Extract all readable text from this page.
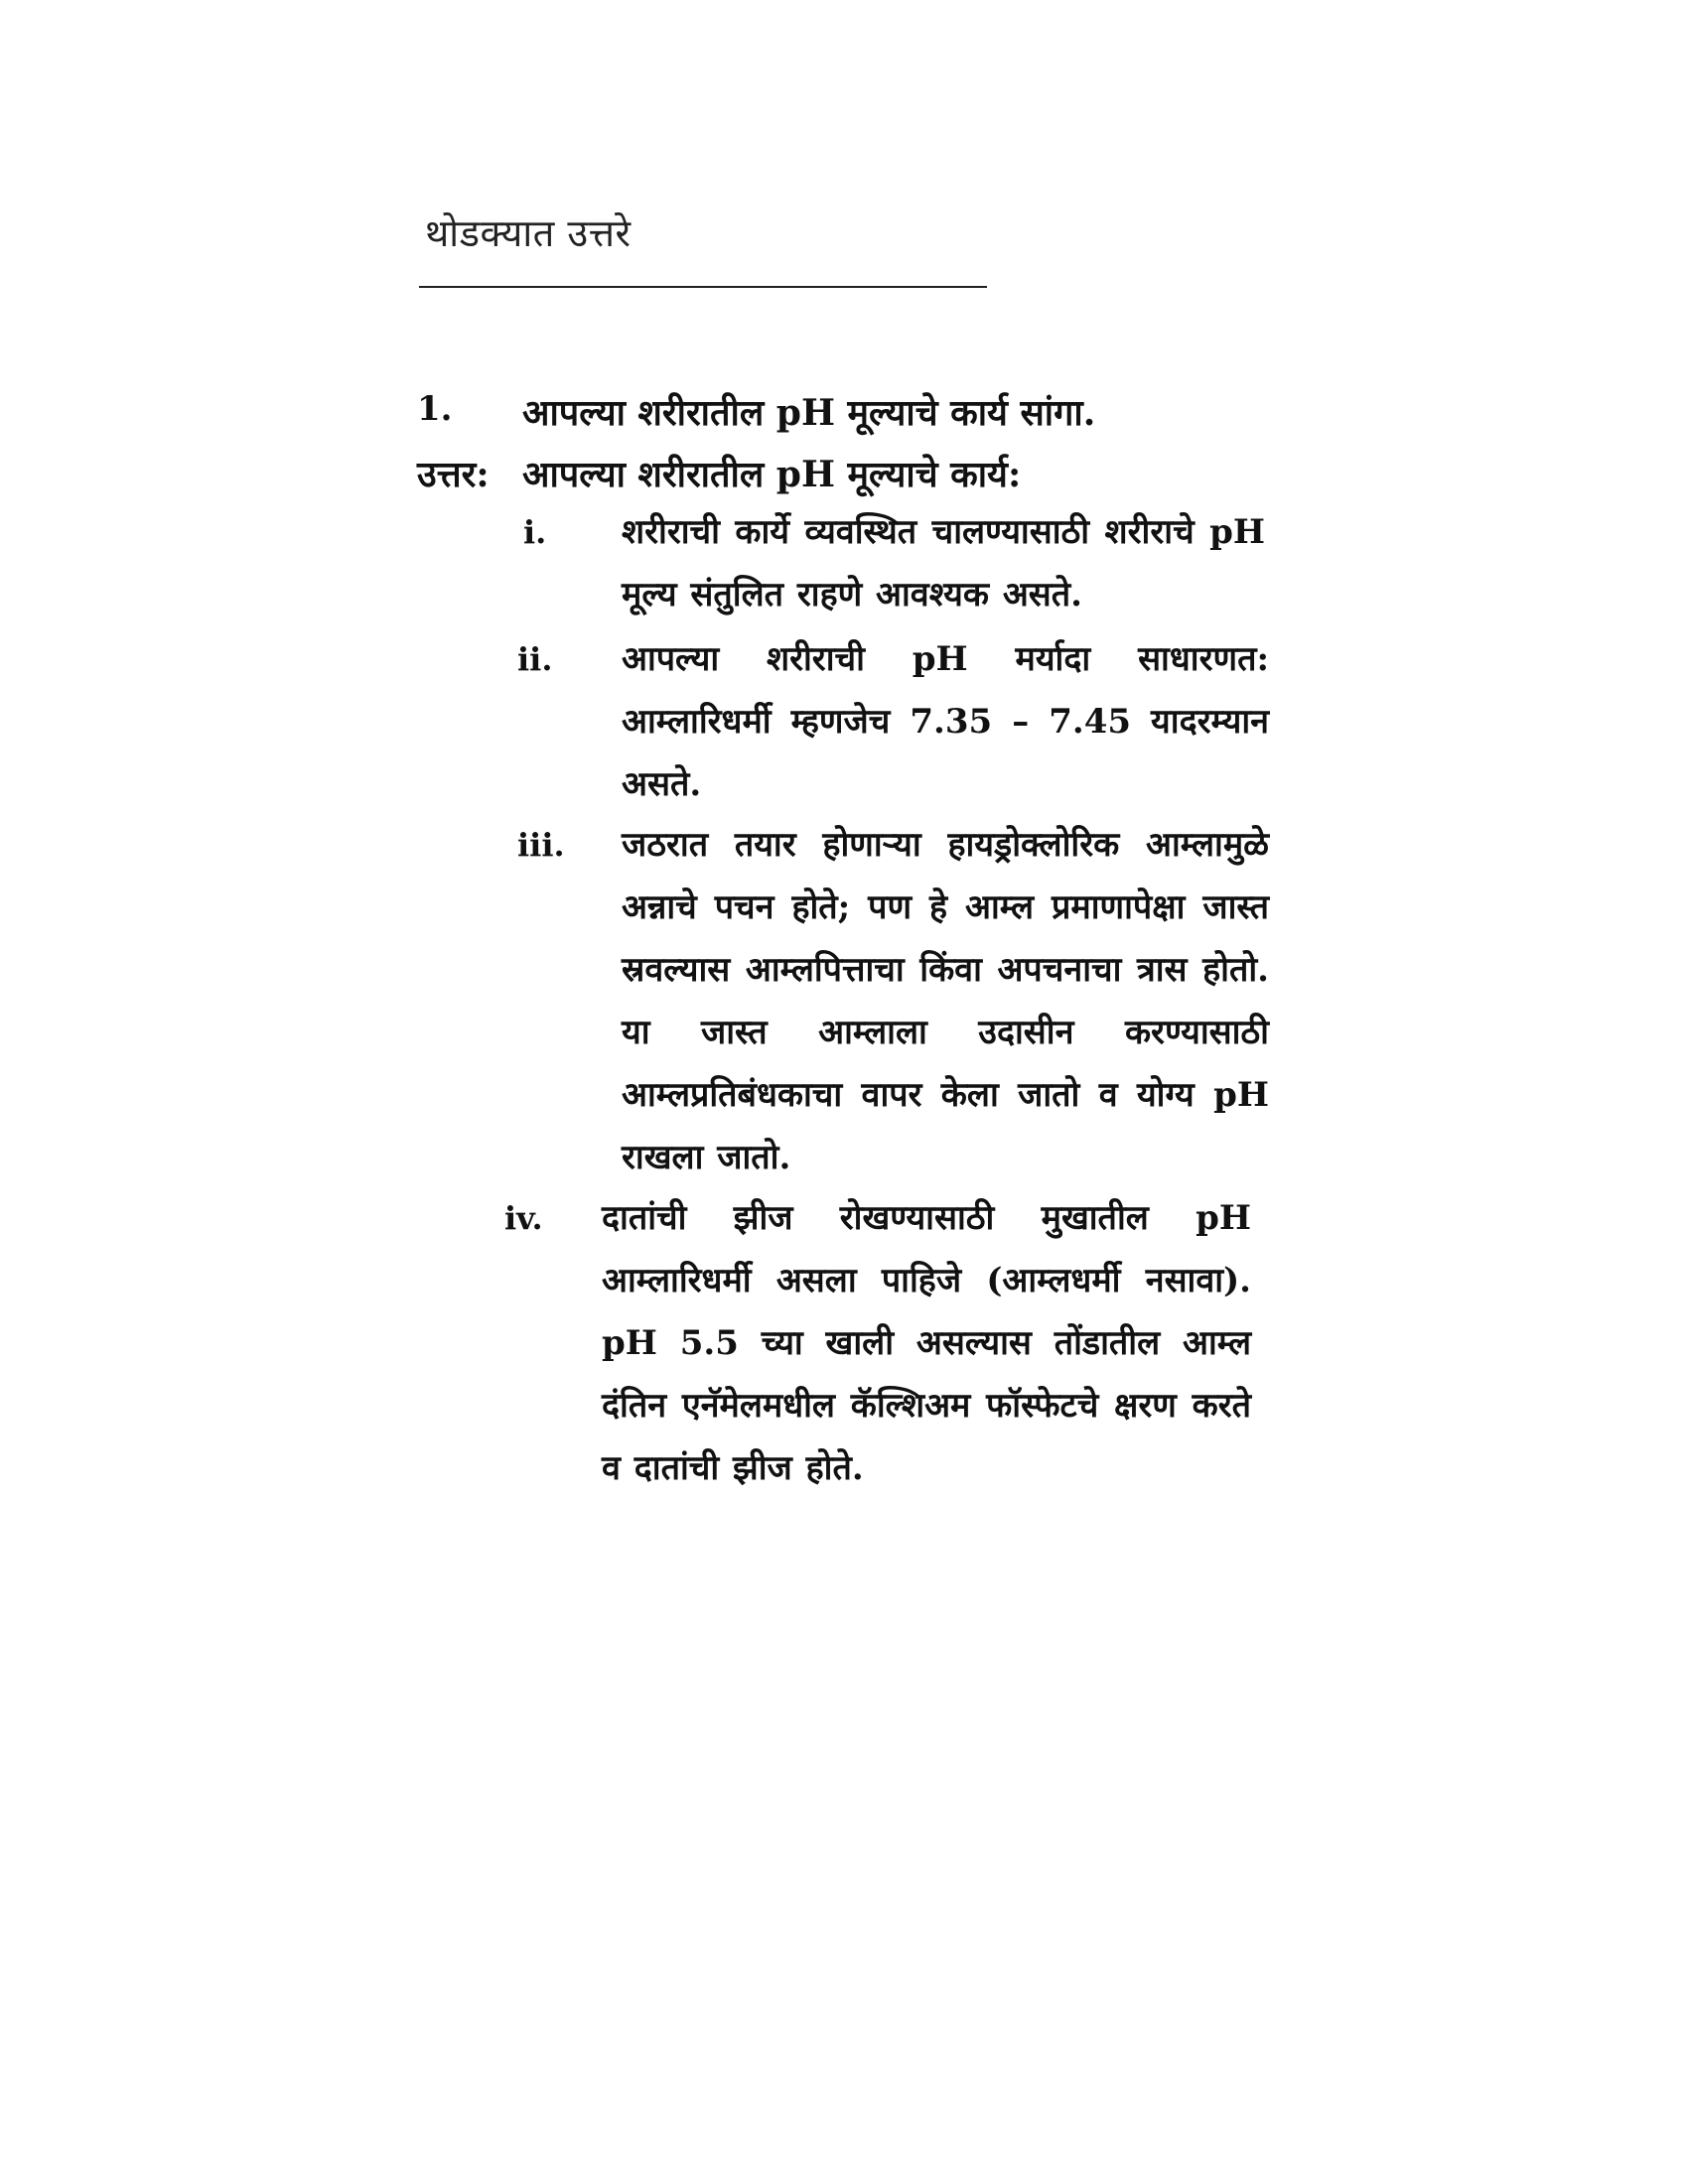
थोडक्यात उत्तरे
1. आपल्या शरीरातील pH मूल्याचे कार्य सांगा.
उत्तर: आपल्या शरीरातील pH मूल्याचे कार्य:
i. शरीराची कार्ये व्यवस्थित चालण्यासाठी शरीराचे pH मूल्य संतुलित राहणे आवश्यक असते.
ii. आपल्या शरीराची pH मर्यादा साधारणत: आम्लारिधर्मी म्हणजेच 7.35 – 7.45 यादरम्यान असते.
iii. जठरात तयार होणाऱ्या हायड्रोक्लोरिक आम्लामुळे अन्नाचे पचन होते; पण हे आम्ल प्रमाणापेक्षा जास्त स्रवल्यास आम्लपित्ताचा किंवा अपचनाचा त्रास होतो. या जास्त आम्लाला उदासीन करण्यासाठी आम्लप्रतिबंधकाचा वापर केला जातो व योग्य pH राखला जातो.
iv. दातांची झीज रोखण्यासाठी मुखातील pH आम्लारिधर्मी असला पाहिजे (आम्लधर्मी नसावा). pH 5.5 च्या खाली असल्यास तोंडातील आम्ल दंतिन एनॅमेलमधील कॅल्शिअम फॉस्फेटचे क्षरण करते व दातांची झीज होते.
